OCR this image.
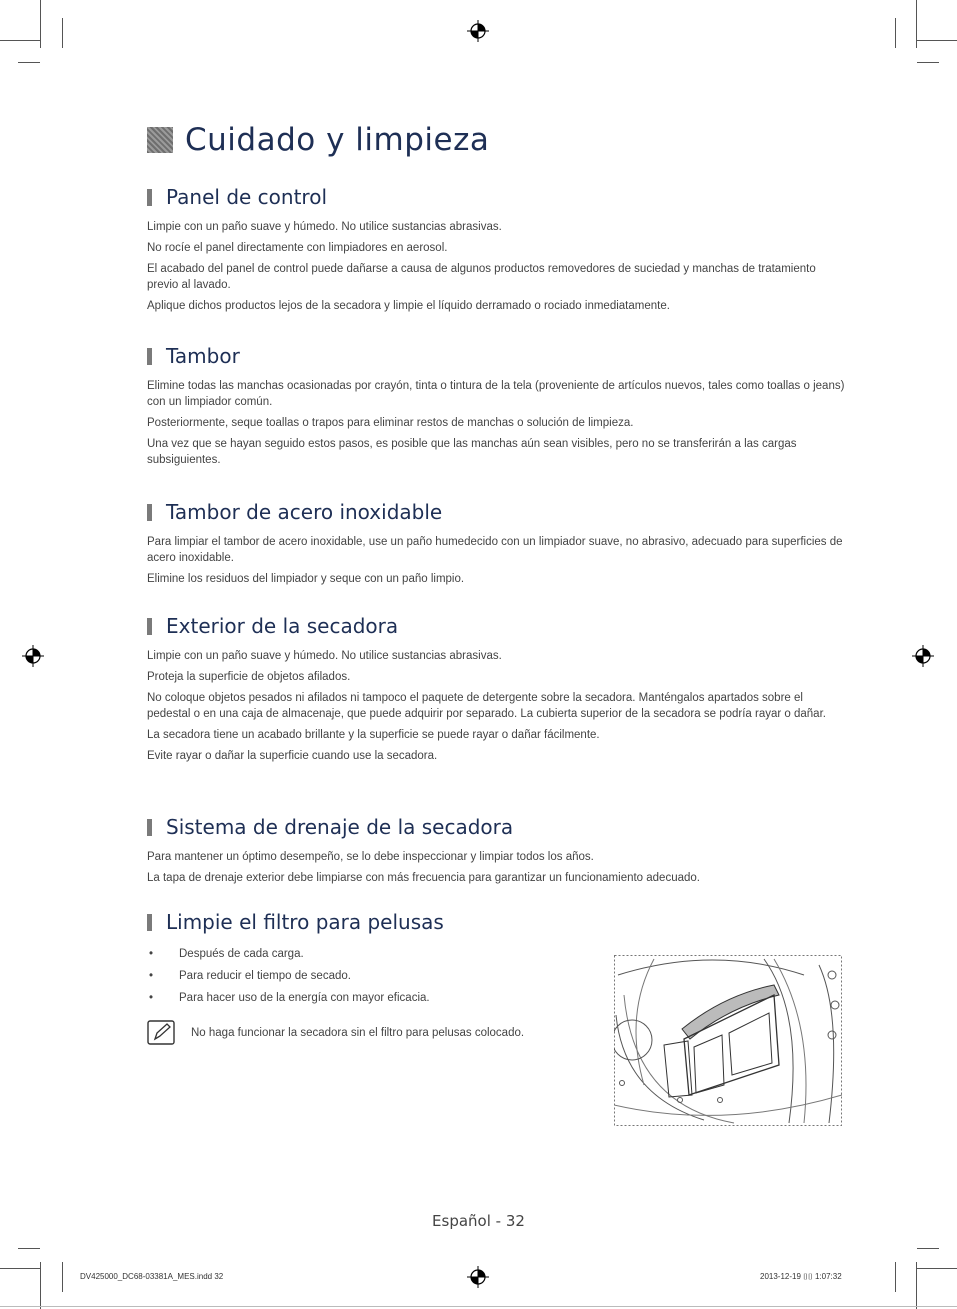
Cuidado y limpieza
Panel de control

Limpie con un paño suave y húmedo. No utilice sustancias abrasivas.

No rocíe el panel directamente con limpiadores en aerosol.

El acabado del panel de control puede dañarse a causa de algunos productos removedores de suciedad y manchas de tratamiento previo al lavado.

Aplique dichos productos lejos de la secadora y limpie el líquido derramado o rociado inmediatamente.

Tambor

Elimine todas las manchas ocasionadas por crayón, tinta o tintura de la tela (proveniente de artículos nuevos, tales como toallas o jeans) con un limpiador común.

Posteriormente, seque toallas o trapos para eliminar restos de manchas o solución de limpieza.

Una vez que se hayan seguido estos pasos, es posible que las manchas aún sean visibles, pero no se transferirán a las cargas subsiguientes.

Tambor de acero inoxidable

Para limpiar el tambor de acero inoxidable, use un paño humedecido con un limpiador suave, no abrasivo, adecuado para superficies de acero inoxidable.

Elimine los residuos del limpiador y seque con un paño limpio.

Exterior de la secadora

Limpie con un paño suave y húmedo. No utilice sustancias abrasivas.

Proteja la superficie de objetos afilados.

No coloque objetos pesados ni afilados ni tampoco el paquete de detergente sobre la secadora. Manténgalos apartados sobre el pedestal o en una caja de almacenaje, que puede adquirir por separado. La cubierta superior de la secadora se podría rayar o dañar.

La secadora tiene un acabado brillante y la superficie se puede rayar o dañar fácilmente.

Evite rayar o dañar la superficie cuando use la secadora.

Sistema de drenaje de la secadora

Para mantener un óptimo desempeño, se lo debe inspeccionar y limpiar todos los años.

La tapa de drenaje exterior debe limpiarse con más frecuencia para garantizar un funcionamiento adecuado.

Limpie el filtro para pelusas
•	Después de cada carga.
•	Para reducir el tiempo de secado.
•	Para hacer uso de la energía con mayor eficacia.
No haga funcionar la secadora sin el filtro para pelusas colocado.
Español - 32
DV425000_DC68-03381A_MES.indd 32	2013-12-19 ⌷⌷ 1:07:32
